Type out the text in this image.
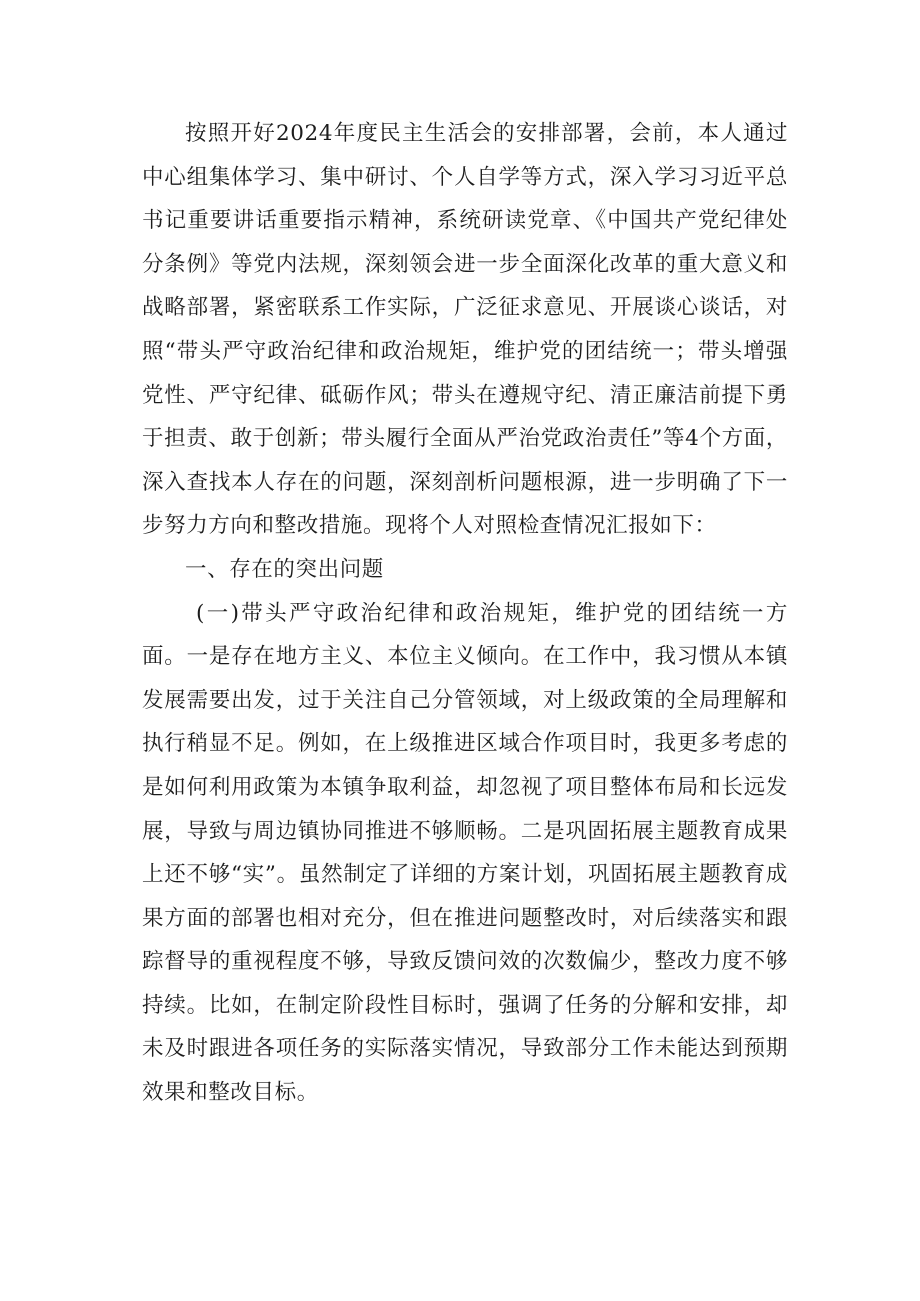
按照开好2024年度民主生活会的安排部署，会前，本人通过中心组集体学习、集中研讨、个人自学等方式，深入学习习近平总书记重要讲话重要指示精神，系统研读党章、《中国共产党纪律处分条例》等党内法规，深刻领会进一步全面深化改革的重大意义和战略部署，紧密联系工作实际，广泛征求意见、开展谈心谈话，对照“带头严守政治纪律和政治规矩，维护党的团结统一；带头增强党性、严守纪律、砥砺作风；带头在遵规守纪、清正廉洁前提下勇于担责、敢于创新；带头履行全面从严治党政治责任”等4个方面，深入查找本人存在的问题，深刻剖析问题根源，进一步明确了下一步努力方向和整改措施。现将个人对照检查情况汇报如下：

一、存在的突出问题

(一)带头严守政治纪律和政治规矩，维护党的团结统一方面。一是存在地方主义、本位主义倾向。在工作中，我习惯从本镇发展需要出发，过于关注自己分管领域，对上级政策的全局理解和执行稍显不足。例如，在上级推进区域合作项目时，我更多考虑的是如何利用政策为本镇争取利益，却忽视了项目整体布局和长远发展，导致与周边镇协同推进不够顺畅。二是巩固拓展主题教育成果上还不够“实”。虽然制定了详细的方案计划，巩固拓展主题教育成果方面的部署也相对充分，但在推进问题整改时，对后续落实和跟踪督导的重视程度不够，导致反馈问效的次数偏少，整改力度不够持续。比如，在制定阶段性目标时，强调了任务的分解和安排，却未及时跟进各项任务的实际落实情况，导致部分工作未能达到预期效果和整改目标。
